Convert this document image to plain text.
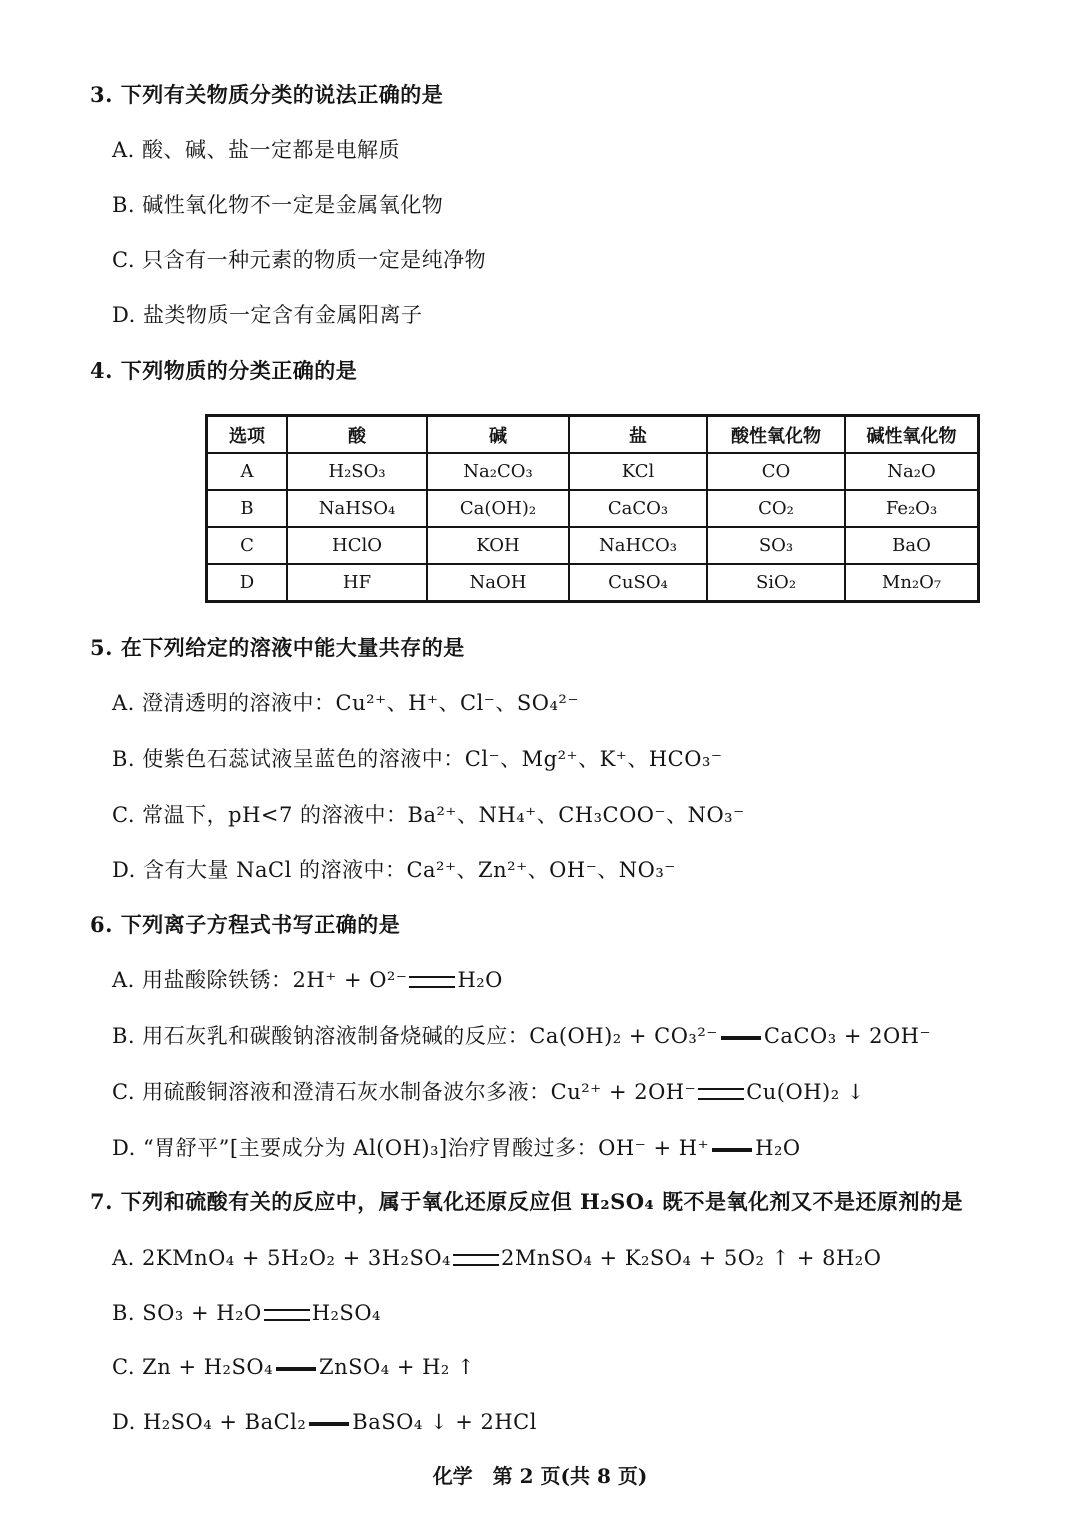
3. 下列有关物质分类的说法正确的是
A. 酸、碱、盐一定都是电解质
B. 碱性氧化物不一定是金属氧化物
C. 只含有一种元素的物质一定是纯净物
D. 盐类物质一定含有金属阳离子
4. 下列物质的分类正确的是
选项	酸	碱	盐	酸性氧化物	碱性氧化物
A	H₂SO₃	Na₂CO₃	KCl	CO	Na₂O
B	NaHSO₄	Ca(OH)₂	CaCO₃	CO₂	Fe₂O₃
C	HClO	KOH	NaHCO₃	SO₃	BaO
D	HF	NaOH	CuSO₄	SiO₂	Mn₂O₇
5. 在下列给定的溶液中能大量共存的是
A. 澄清透明的溶液中：Cu²⁺、H⁺、Cl⁻、SO₄²⁻
B. 使紫色石蕊试液呈蓝色的溶液中：Cl⁻、Mg²⁺、K⁺、HCO₃⁻
C. 常温下，pH<7 的溶液中：Ba²⁺、NH₄⁺、CH₃COO⁻、NO₃⁻
D. 含有大量 NaCl 的溶液中：Ca²⁺、Zn²⁺、OH⁻、NO₃⁻
6. 下列离子方程式书写正确的是
A. 用盐酸除铁锈：2H⁺ + O²⁻ H₂O
B. 用石灰乳和碳酸钠溶液制备烧碱的反应：Ca(OH)₂ + CO₃²⁻ CaCO₃ + 2OH⁻
C. 用硫酸铜溶液和澄清石灰水制备波尔多液：Cu²⁺ + 2OH⁻ Cu(OH)₂ ↓
D. “胃舒平”[主要成分为 Al(OH)₃]治疗胃酸过多：OH⁻ + H⁺ H₂O
7. 下列和硫酸有关的反应中，属于氧化还原反应但 H₂SO₄ 既不是氧化剂又不是还原剂的是
A. 2KMnO₄ + 5H₂O₂ + 3H₂SO₄ 2MnSO₄ + K₂SO₄ + 5O₂ ↑ + 8H₂O
B. SO₃ + H₂O H₂SO₄
C. Zn + H₂SO₄ ZnSO₄ + H₂ ↑
D. H₂SO₄ + BaCl₂ BaSO₄ ↓ + 2HCl
化学　第 2 页(共 8 页)
